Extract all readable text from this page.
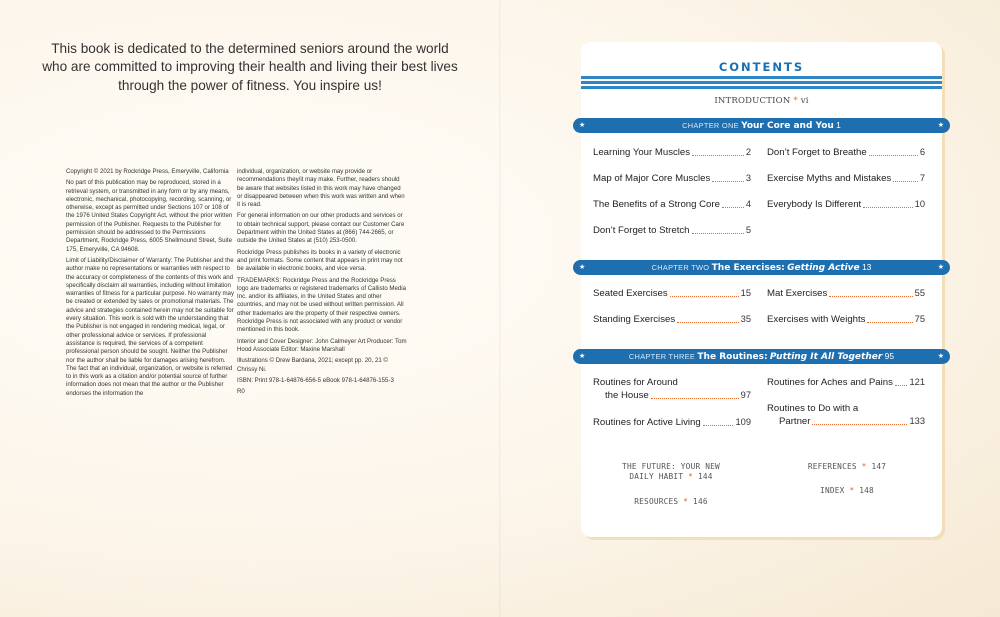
This book is dedicated to the determined seniors around the world who are committed to improving their health and living their best lives through the power of fitness. You inspire us!

Copyright © 2021 by Rockridge Press, Emeryville, California

No part of this publication may be reproduced, stored in a retrieval system, or transmitted in any form or by any means, electronic, mechanical, photocopying, recording, scanning, or otherwise, except as permitted under Sections 107 or 108 of the 1976 United States Copyright Act, without the prior written permission of the Publisher. Requests to the Publisher for permission should be addressed to the Permissions Department, Rockridge Press, 6005 Shellmound Street, Suite 175, Emeryville, CA 94608.

Limit of Liability/Disclaimer of Warranty: The Publisher and the author make no representations or warranties with respect to the accuracy or completeness of the contents of this work and specifically disclaim all warranties, including without limitation warranties of fitness for a particular purpose. No warranty may be created or extended by sales or promotional materials. The advice and strategies contained herein may not be suitable for every situation. This work is sold with the understanding that the Publisher is not engaged in rendering medical, legal, or other professional advice or services. If professional assistance is required, the services of a competent professional person should be sought. Neither the Publisher nor the author shall be liable for damages arising herefrom. The fact that an individual, organization, or website is referred to in this work as a citation and/or potential source of further information does not mean that the author or the Publisher endorses the information the

individual, organization, or website may provide or recommendations they/it may make. Further, readers should be aware that websites listed in this work may have changed or disappeared between when this work was written and when it is read.

For general information on our other products and services or to obtain technical support, please contact our Customer Care Department within the United States at (866) 744-2665, or outside the United States at (510) 253-0500.

Rockridge Press publishes its books in a variety of electronic and print formats. Some content that appears in print may not be available in electronic books, and vice versa.

TRADEMARKS: Rockridge Press and the Rockridge Press logo are trademarks or registered trademarks of Callisto Media Inc. and/or its affiliates, in the United States and other countries, and may not be used without written permission. All other trademarks are the property of their respective owners. Rockridge Press is not associated with any product or vendor mentioned in this book.

Interior and Cover Designer: John Calmeyer Art Producer: Tom Hood Associate Editor: Maxine Marshall

Illustrations © Drew Bardana, 2021; except pp. 20, 21 © Chrissy Ni.

ISBN: Print 978-1-64876-656-5 eBook 978-1-64876-155-3

R0

CONTENTS
INTRODUCTION * vi
★	CHAPTER ONE Your Core and You 1	★
Learning Your Muscles	2 Don’t Forget to Breathe	6
Map of Major Core Muscles	3 Exercise Myths and Mistakes	7
The Benefits of a Strong Core	4 Everybody Is Different	10
Don’t Forget to Stretch	5
★	CHAPTER TWO The Exercises: Getting Active 13	★
Seated Exercises	15 Mat Exercises	55
Standing Exercises	35 Exercises with Weights	75
★	CHAPTER THREE The Routines: Putting It All Together 95	★
Routines for Around
the House	97
Routines for Aches and Pains 121
Routines for Active Living	109
Routines to Do with a
Partner	133
THE FUTURE: YOUR NEW
DAILY HABIT * 144
REFERENCES * 147
RESOURCES * 146
INDEX * 148
